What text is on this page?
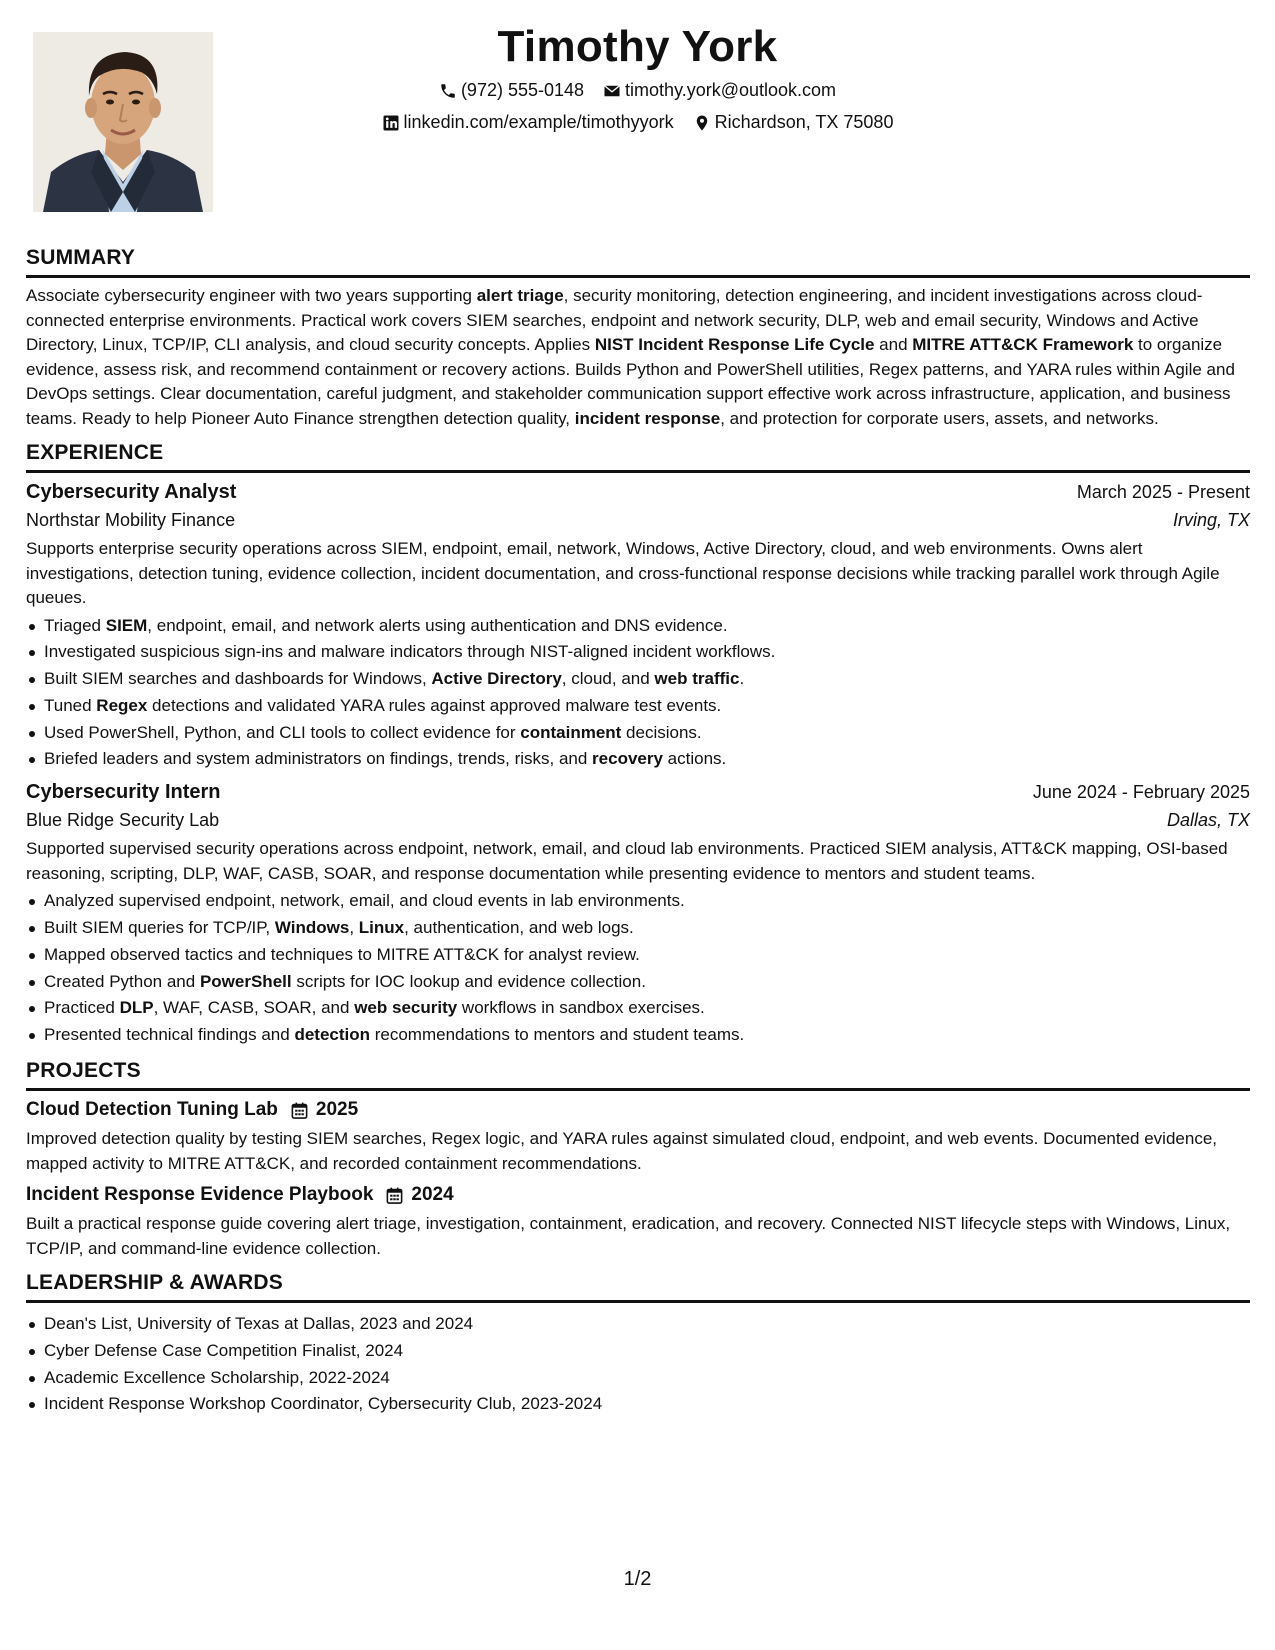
Timothy York
(972) 555-0148
timothy.york@outlook.com
linkedin.com/example/timothyyork
Richardson, TX 75080
SUMMARY

Associate cybersecurity engineer with two years supporting alert triage, security monitoring, detection engineering, and incident investigations across cloud-connected enterprise environments. Practical work covers SIEM searches, endpoint and network security, DLP, web and email security, Windows and Active Directory, Linux, TCP/IP, CLI analysis, and cloud security concepts. Applies NIST Incident Response Life Cycle and MITRE ATT&CK Framework to organize evidence, assess risk, and recommend containment or recovery actions. Builds Python and PowerShell utilities, Regex patterns, and YARA rules within Agile and DevOps settings. Clear documentation, careful judgment, and stakeholder communication support effective work across infrastructure, application, and business teams. Ready to help Pioneer Auto Finance strengthen detection quality, incident response, and protection for corporate users, assets, and networks.

EXPERIENCE
Cybersecurity Analyst	March 2025 - Present
Northstar Mobility Finance	Irving, TX

Supports enterprise security operations across SIEM, endpoint, email, network, Windows, Active Directory, cloud, and web environments. Owns alert investigations, detection tuning, evidence collection, incident documentation, and cross-functional response decisions while tracking parallel work through Agile queues.

Triaged SIEM, endpoint, email, and network alerts using authentication and DNS evidence.
Investigated suspicious sign-ins and malware indicators through NIST-aligned incident workflows.
Built SIEM searches and dashboards for Windows, Active Directory, cloud, and web traffic.
Tuned Regex detections and validated YARA rules against approved malware test events.
Used PowerShell, Python, and CLI tools to collect evidence for containment decisions.
Briefed leaders and system administrators on findings, trends, risks, and recovery actions.
Cybersecurity Intern	June 2024 - February 2025
Blue Ridge Security Lab	Dallas, TX

Supported supervised security operations across endpoint, network, email, and cloud lab environments. Practiced SIEM analysis, ATT&CK mapping, OSI-based reasoning, scripting, DLP, WAF, CASB, SOAR, and response documentation while presenting evidence to mentors and student teams.

Analyzed supervised endpoint, network, email, and cloud events in lab environments.
Built SIEM queries for TCP/IP, Windows, Linux, authentication, and web logs.
Mapped observed tactics and techniques to MITRE ATT&CK for analyst review.
Created Python and PowerShell scripts for IOC lookup and evidence collection.
Practiced DLP, WAF, CASB, SOAR, and web security workflows in sandbox exercises.
Presented technical findings and detection recommendations to mentors and student teams.
PROJECTS
Cloud Detection Tuning Lab 2025

Improved detection quality by testing SIEM searches, Regex logic, and YARA rules against simulated cloud, endpoint, and web events. Documented evidence, mapped activity to MITRE ATT&CK, and recorded containment recommendations.

Incident Response Evidence Playbook 2024

Built a practical response guide covering alert triage, investigation, containment, eradication, and recovery. Connected NIST lifecycle steps with Windows, Linux, TCP/IP, and command-line evidence collection.

LEADERSHIP & AWARDS
Dean's List, University of Texas at Dallas, 2023 and 2024
Cyber Defense Case Competition Finalist, 2024
Academic Excellence Scholarship, 2022-2024
Incident Response Workshop Coordinator, Cybersecurity Club, 2023-2024
1/2
